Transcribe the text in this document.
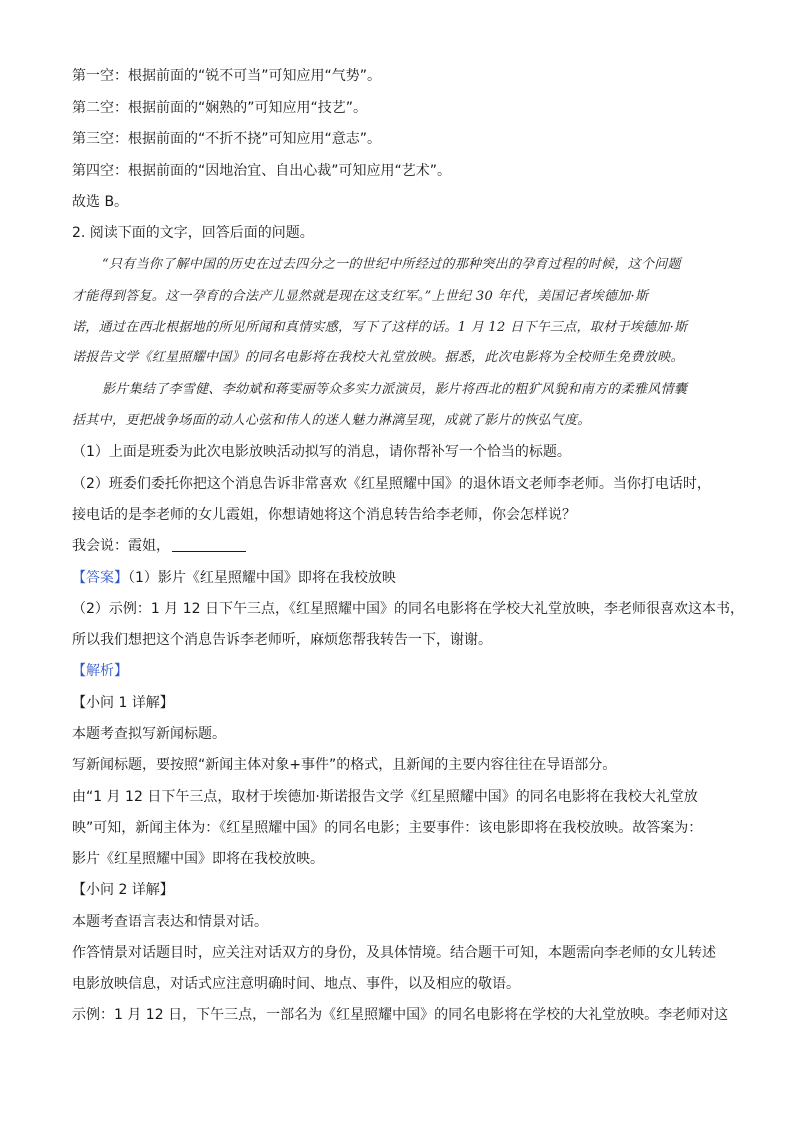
第一空：根据前面的“锐不可当”可知应用“气势”。
第二空：根据前面的“娴熟的”可知应用“技艺”。
第三空：根据前面的“不折不挠”可知应用“意志”。
第四空：根据前面的“因地治宜、自出心裁”可知应用“艺术”。
故选 B。
2. 阅读下面的文字，回答后面的问题。
“只有当你了解中国的历史在过去四分之一的世纪中所经过的那种突出的孕育过程的时候，这个问题
才能得到答复。这一孕育的合法产儿显然就是现在这支红军。”上世纪 30 年代，美国记者埃德加·斯
诺，通过在西北根据地的所见所闻和真情实感，写下了这样的话。1 月 12 日下午三点，取材于埃德加·斯
诺报告文学《红星照耀中国》的同名电影将在我校大礼堂放映。据悉，此次电影将为全校师生免费放映。
影片集结了李雪健、李幼斌和蒋雯丽等众多实力派演员，影片将西北的粗犷风貌和南方的柔雅风情囊
括其中，更把战争场面的动人心弦和伟人的迷人魅力淋漓呈现，成就了影片的恢弘气度。
（1）上面是班委为此次电影放映活动拟写的消息，请你帮补写一个恰当的标题。
（2）班委们委托你把这个消息告诉非常喜欢《红星照耀中国》的退休语文老师李老师。当你打电话时，
接电话的是李老师的女儿霞姐，你想请她将这个消息转告给李老师，你会怎样说？
我会说：霞姐，
【答案】（1）影片《红星照耀中国》即将在我校放映
（2）示例：1 月 12 日下午三点，《红星照耀中国》的同名电影将在学校大礼堂放映，李老师很喜欢这本书，
所以我们想把这个消息告诉李老师听，麻烦您帮我转告一下，谢谢。
【解析】
【小问 1 详解】
本题考查拟写新闻标题。
写新闻标题，要按照“新闻主体对象+事件”的格式，且新闻的主要内容往往在导语部分。
由“1 月 12 日下午三点，取材于埃德加·斯诺报告文学《红星照耀中国》的同名电影将在我校大礼堂放
映”可知，新闻主体为：《红星照耀中国》的同名电影；主要事件：该电影即将在我校放映。故答案为：
影片《红星照耀中国》即将在我校放映。
【小问 2 详解】
本题考查语言表达和情景对话。
作答情景对话题目时，应关注对话双方的身份，及具体情境。结合题干可知，本题需向李老师的女儿转述
电影放映信息，对话式应注意明确时间、地点、事件，以及相应的敬语。
示例：1 月 12 日，下午三点，一部名为《红星照耀中国》的同名电影将在学校的大礼堂放映。李老师对这
